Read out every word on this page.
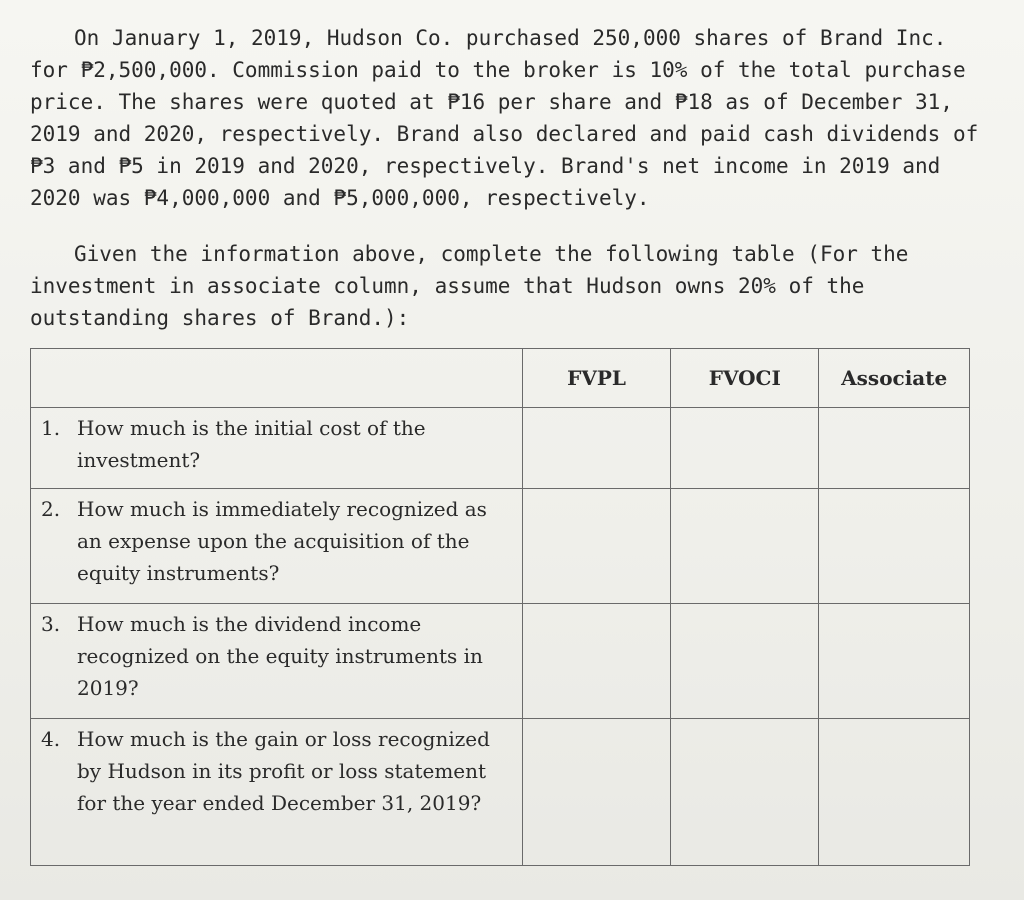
On January 1, 2019, Hudson Co. purchased 250,000 shares of Brand Inc. for ₱2,500,000. Commission paid to the broker is 10% of the total purchase price. The shares were quoted at ₱16 per share and ₱18 as of December 31, 2019 and 2020, respectively. Brand also declared and paid cash dividends of ₱3 and ₱5 in 2019 and 2020, respectively. Brand's net income in 2019 and 2020 was ₱4,000,000 and ₱5,000,000, respectively.

Given the information above, complete the following table (For the investment in associate column, assume that Hudson owns 20% of the outstanding shares of Brand.):

	FVPL	FVOCI	Associate

1. How much is the initial cost of the investment?			

2. How much is immediately recognized as an expense upon the acquisition of the equity instruments?			

3. How much is the dividend income recognized on the equity instruments in 2019?			

4. How much is the gain or loss recognized by Hudson in its profit or loss statement for the year ended December 31, 2019?			
